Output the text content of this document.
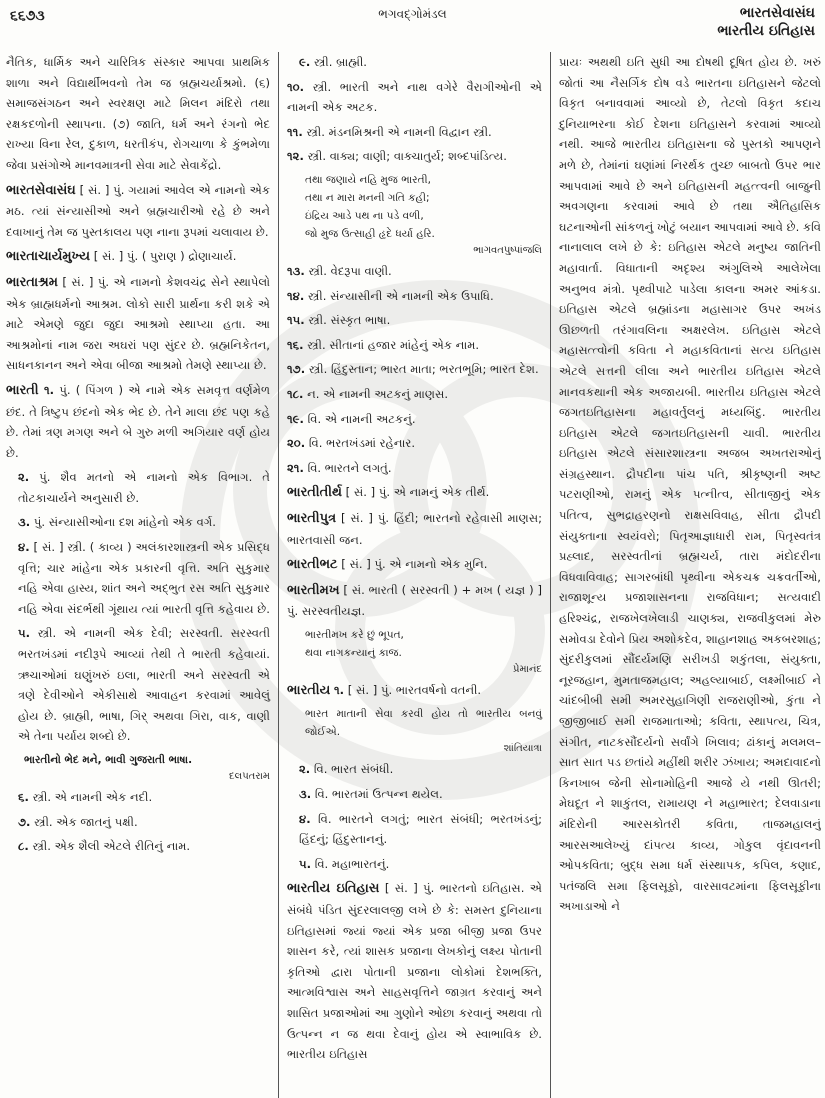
૬૬૭૩	ભગવદ્ગોમંડલ	ભારતસેવાસંઘ
ભારતીય ઇતિહાસ

નૈતિક, ધાર્મિક અને ચારિત્રિક સંસ્કાર આપવા પ્રાથમિક શાળા અને વિદ્યાર્થીભવનો તેમ જ બ્રહ્મચર્યાશ્રમો. (૬) સમાજસંગઠન અને સ્વરક્ષણ માટે મિલન મંદિરો તથા રક્ષકદળોની સ્થાપના. (૭) જાતિ, ધર્મ અને રંગનો ભેદ રાખ્યા વિના રેલ, દુકાળ, ધરતીકંપ, રોગચાળા કે કુંભમેળા જેવા પ્રસંગોએ માનવમાત્રની સેવા માટે સેવાકેંદ્રો.

ભારતસેવાસંઘ [ સં. ] પું. ગયામાં આવેલ એ નામનો એક મઠ. ત્યાં સંન્યાસીઓ અને બ્રહ્મચારીઓ રહે છે અને દવાખાનું તેમ જ પુસ્તકાલય પણ નાના રૂપમાં ચલાવાય છે.

ભારતાચાર્યમુખ્ય [ સં. ] પું. ( પુરાણ ) દ્રોણાચાર્ય.

ભારતાશ્રમ [ સં. ] પું. એ નામનો કેશવચંદ્ર સેને સ્થાપેલો એક બ્રાહ્મધર્મનો આશ્રમ. લોકો સારી પ્રાર્થના કરી શકે એ માટે એમણે જુદા જુદા આશ્રમો સ્થાપ્યા હતા. આ આશ્રમોનાં નામ જરા અઘરાં પણ સુંદર છે. બ્રહ્મનિકેતન, સાધનકાનન અને એવા બીજા આશ્રમો તેમણે સ્થાપ્યા છે.

ભારતી ૧. પું. ( પિંગળ ) એ નામે એક સમવૃત્ત વર્ણમેળ છંદ. તે ત્રિષ્ટુપ છંદનો એક ભેદ છે. તેને માલા છંદ પણ કહે છે. તેમાં ત્રણ મગણ અને બે ગુરુ મળી અગિયાર વર્ણ હોય છે.

૨. પું. શૈવ મતનો એ નામનો એક વિભાગ. તે તોટકાચાર્યને અનુસારી છે.

૩. પું. સંન્યાસીઓના દશ માંહેનો એક વર્ગ.

૪. [ સં. ] સ્ત્રી. ( કાવ્ય ) અલંકારશાસ્ત્રની એક પ્રસિદ્ધ વૃત્તિ; ચાર માંહેના એક પ્રકારની વૃત્તિ. અતિ સુકુમાર નહિ એવા હાસ્ય, શાંત અને અદ્ભુત રસ અતિ સુકુમાર નહિ એવા સંદર્ભથી ગૂંથાય ત્યાં ભારતી વૃત્તિ કહેવાય છે.

૫. સ્ત્રી. એ નામની એક દેવી; સરસ્વતી. સરસ્વતી ભરતખંડમાં નદીરૂપે આવ્યાં તેથી તે ભારતી કહેવાયાં. ઋચાઓમાં ઘણુંખરું ઇલા, ભારતી અને સરસ્વતી એ ત્રણે દેવીઓને એકીસાથે આવાહન કરવામાં આવેલું હોય છે. બ્રાહ્મી, ભાષા, ગિર્ અથવા ગિરા, વાક, વાણી એ તેના પર્યાય શબ્દો છે.

ભારતીનો ભેદ મને, ભાવી ગુજરાતી ભાષા.

દલપતરામ

૬. સ્ત્રી. એ નામની એક નદી.

૭. સ્ત્રી. એક જાતનું પક્ષી.

૮. સ્ત્રી. એક શૈલી એટલે રીતિનું નામ.

૯. સ્ત્રી. બ્રાહ્મી.

૧૦. સ્ત્રી. ભારતી અને નાથ વગેરે વૈરાગીઓની એ નામની એક અટક.

૧૧. સ્ત્રી. મંડનમિશ્રની એ નામની વિદ્વાન સ્ત્રી.

૧૨. સ્ત્રી. વાક્ય; વાણી; વાક્ચાતુર્ય; શબ્દપાંડિત્ય.

તથા જણાયે નહિ મુજ ભારતી,

તથા ન મારા મનની ગતિ કહી;

ઇંદ્રિય આડે પથ ના પડે વળી,

જો મુજ ઉત્સાહી હૃદે ધર્યા હરિ.

ભાગવતપુષ્પાંજલિ

૧૩. સ્ત્રી. વેદરૂપા વાણી.

૧૪. સ્ત્રી. સંન્યાસીની એ નામની એક ઉપાધિ.

૧૫. સ્ત્રી. સંસ્કૃત ભાષા.

૧૬. સ્ત્રી. સીતાનાં હજાર માંહેનું એક નામ.

૧૭. સ્ત્રી. હિંદુસ્તાન; ભારત માતા; ભરતભૂમિ; ભારત દેશ.

૧૮. ન. એ નામની અટકનું માણસ.

૧૯. વિ. એ નામની અટકનું.

૨૦. વિ. ભરતખંડમાં રહેનાર.

૨૧. વિ. ભારતને લગતું.

ભારતીતીર્થ [ સં. ] પું. એ નામનું એક તીર્થ.

ભારતીપુત્ર [ સં. ] પું. હિંદી; ભારતનો રહેવાસી માણસ; ભારતવાસી જન.

ભારતીભટ [ સં. ] પું. એ નામનો એક મુનિ.

ભારતીમખ [ સં. ભારતી ( સરસ્વતી ) + મખ ( યજ્ઞ ) ] પું. સરસ્વતીયજ્ઞ.

ભારતીમખ કરે છું ભૂપત,

થવા નાગકન્યાનું કાજ.

પ્રેમાનંદ

ભારતીય ૧. [ સં. ] પું. ભારતવર્ષનો વતની.

ભારત માતાની સેવા કરવી હોય તો ભારતીય બનવું જોઈએ.

શાંતિયાત્રા

૨. વિ. ભારત સંબંધી.

૩. વિ. ભારતમાં ઉત્પન્ન થયેલ.

૪. વિ. ભારતને લગતું; ભારત સંબંધી; ભરતખંડનું; હિંદનું; હિંદુસ્તાનનું.

૫. વિ. મહાભારતનું.

ભારતીય ઇતિહાસ [ સં. ] પું. ભારતનો ઇતિહાસ. એ સંબંધે પંડિત સુંદરલાલજી લખે છે કે: સમસ્ત દુનિયાના ઇતિહાસમાં જ્યાં જ્યાં એક પ્રજા બીજી પ્રજા ઉપર શાસન કરે, ત્યાં શાસક પ્રજાના લેખકોનું લક્ષ્ય પોતાની કૃતિઓ દ્વારા પોતાની પ્રજાના લોકોમાં દેશભક્તિ, આત્મવિશ્વાસ અને સાહસવૃત્તિને જાગ્રત કરવાનું અને શાસિત પ્રજાઓમાં આ ગુણોને ઓછા કરવાનું અથવા તો ઉત્પન્ન ન જ થવા દેવાનું હોય એ સ્વાભાવિક છે. ભારતીય ઇતિહાસ

પ્રાયઃ અથથી ઇતિ સુધી આ દોષથી દૂષિત હોય છે. ખરું જોતાં આ નૈસર્ગિક દોષ વડે ભારતના ઇતિહાસને જેટલો વિકૃત બનાવવામાં આવ્યો છે, તેટલો વિકૃત કદાચ દુનિયાભરના કોઈ દેશના ઇતિહાસને કરવામાં આવ્યો નથી. આજે ભારતીય ઇતિહાસના જે પુસ્તકો આપણને મળે છે, તેમાંનાં ઘણાંમાં નિરર્થક તુચ્છ બાબતો ઉપર ભાર આપવામાં આવે છે અને ઇતિહાસની મહત્ત્વની બાજુની અવગણના કરવામાં આવે છે તથા ઐતિહાસિક ઘટનાઓની સાંકળનું ખોટું બયાન આપવામાં આવે છે. કવિ નાનાલાલ લખે છે કે: ઇતિહાસ એટલે મનુષ્ય જાતિની મહાવાર્તા. વિધાતાની અદૃશ્ય અંગુલિએ આલેખેલા અનુભવ મંત્રો. પૃથ્વીપાટે પાડેલા કાલના અમર આંકડા. ઇતિહાસ એટલે બ્રહ્માંડના મહાસાગર ઉપર અખંડ ઊછળતી તરંગાવલિના અક્ષરલેખ. ઇતિહાસ એટલે મહાસત્ત્વોની કવિતા ને મહાકવિતાનાં સત્ય ઇતિહાસ એટલે સત્તની લીલા અને ભારતીય ઇતિહાસ એટલે માનવકથાની એક અજાયબી. ભારતીય ઇતિહાસ એટલે જગતઇતિહાસના મહાવર્તુલનું મધ્યબિંદુ. ભારતીય ઇતિહાસ એટલે જગતઇતિહાસની ચાવી. ભારતીય ઇતિહાસ એટલે સંસારશાસ્ત્રના અજબ અખતરાઓનું સંગ્રહસ્થાન. દ્રૌપદીના પાંચ પતિ, શ્રીકૃષ્ણની અષ્ટ પટરાણીઓ, રામનું એક પત્નીત્વ, સીતાજીનું એક પતિત્વ, સુભદ્રાહરણનો રાક્ષસવિવાહ, સીતા દ્રૌપદી સંયુક્તાના સ્વયંવરો; પિતૃઆજ્ઞાધારી રામ, પિતૃસ્વતંત્ર પ્રહ્લાદ, સરસ્વતીનાં બ્રહ્મચર્ય, તારા મંદોદરીના વિધવાવિવાહ; સાગરબાંધી પૃથ્વીના એકચક્ર ચક્રવર્તીઓ, રાજાશૂન્ય પ્રજાશાસનના રાજવિધાન; સત્યવાદી હરિશ્ચંદ્ર, રાજખેલખેલાડી ચાણક્ય, રાજવીકુલમાં મેરુ સમોવડા દેવોને પ્રિય અશોકદેવ, શાહાનશાહ અકબરશાહ; સુંદરીકુલમાં સૌંદર્યમણિ સરીખડી શકુંતલા, સંયુક્તા, નૂરજહાન, મુમતાજમહાલ; અહલ્યાબાઈ, લક્ષ્મીબાઈ ને ચાંદબીબી સમી અમરસુહાગિણી રાજરાણીઓ, કુંતા ને જીજીબાઈ સમી રાજમાતાઓ; કવિતા, સ્થાપત્ય, ચિત્ર, સંગીત, નાટકસૌંદર્યનો સર્વાંગે ખિલાવ; ઢાંકાનું મલમલ–સાત સાત પડ છતાંયે મહીંથી શરીર ઝંખાય; અમદાવાદનો કિનખાબ જેની સોનામોહિની આજે યે નથી ઊતરી; મેઘદૂત ને શાકુંતલ, રામાયણ ને મહાભારત; દેલવાડાના મંદિરોની આરસકોતરી કવિતા, તાજમહાલનું આરસઆલેખ્યું દાંપત્ય કાવ્ય, ગોકુલ વૃંદાવનની ઓપકવિતા; બુદ્ધ સમા ધર્મ સંસ્થાપક, કપિલ, કણાદ, પતંજલિ સમા ફિલસૂફો, વારસાવટમાંના ફિલસૂફીના અખાડાઓ ને
